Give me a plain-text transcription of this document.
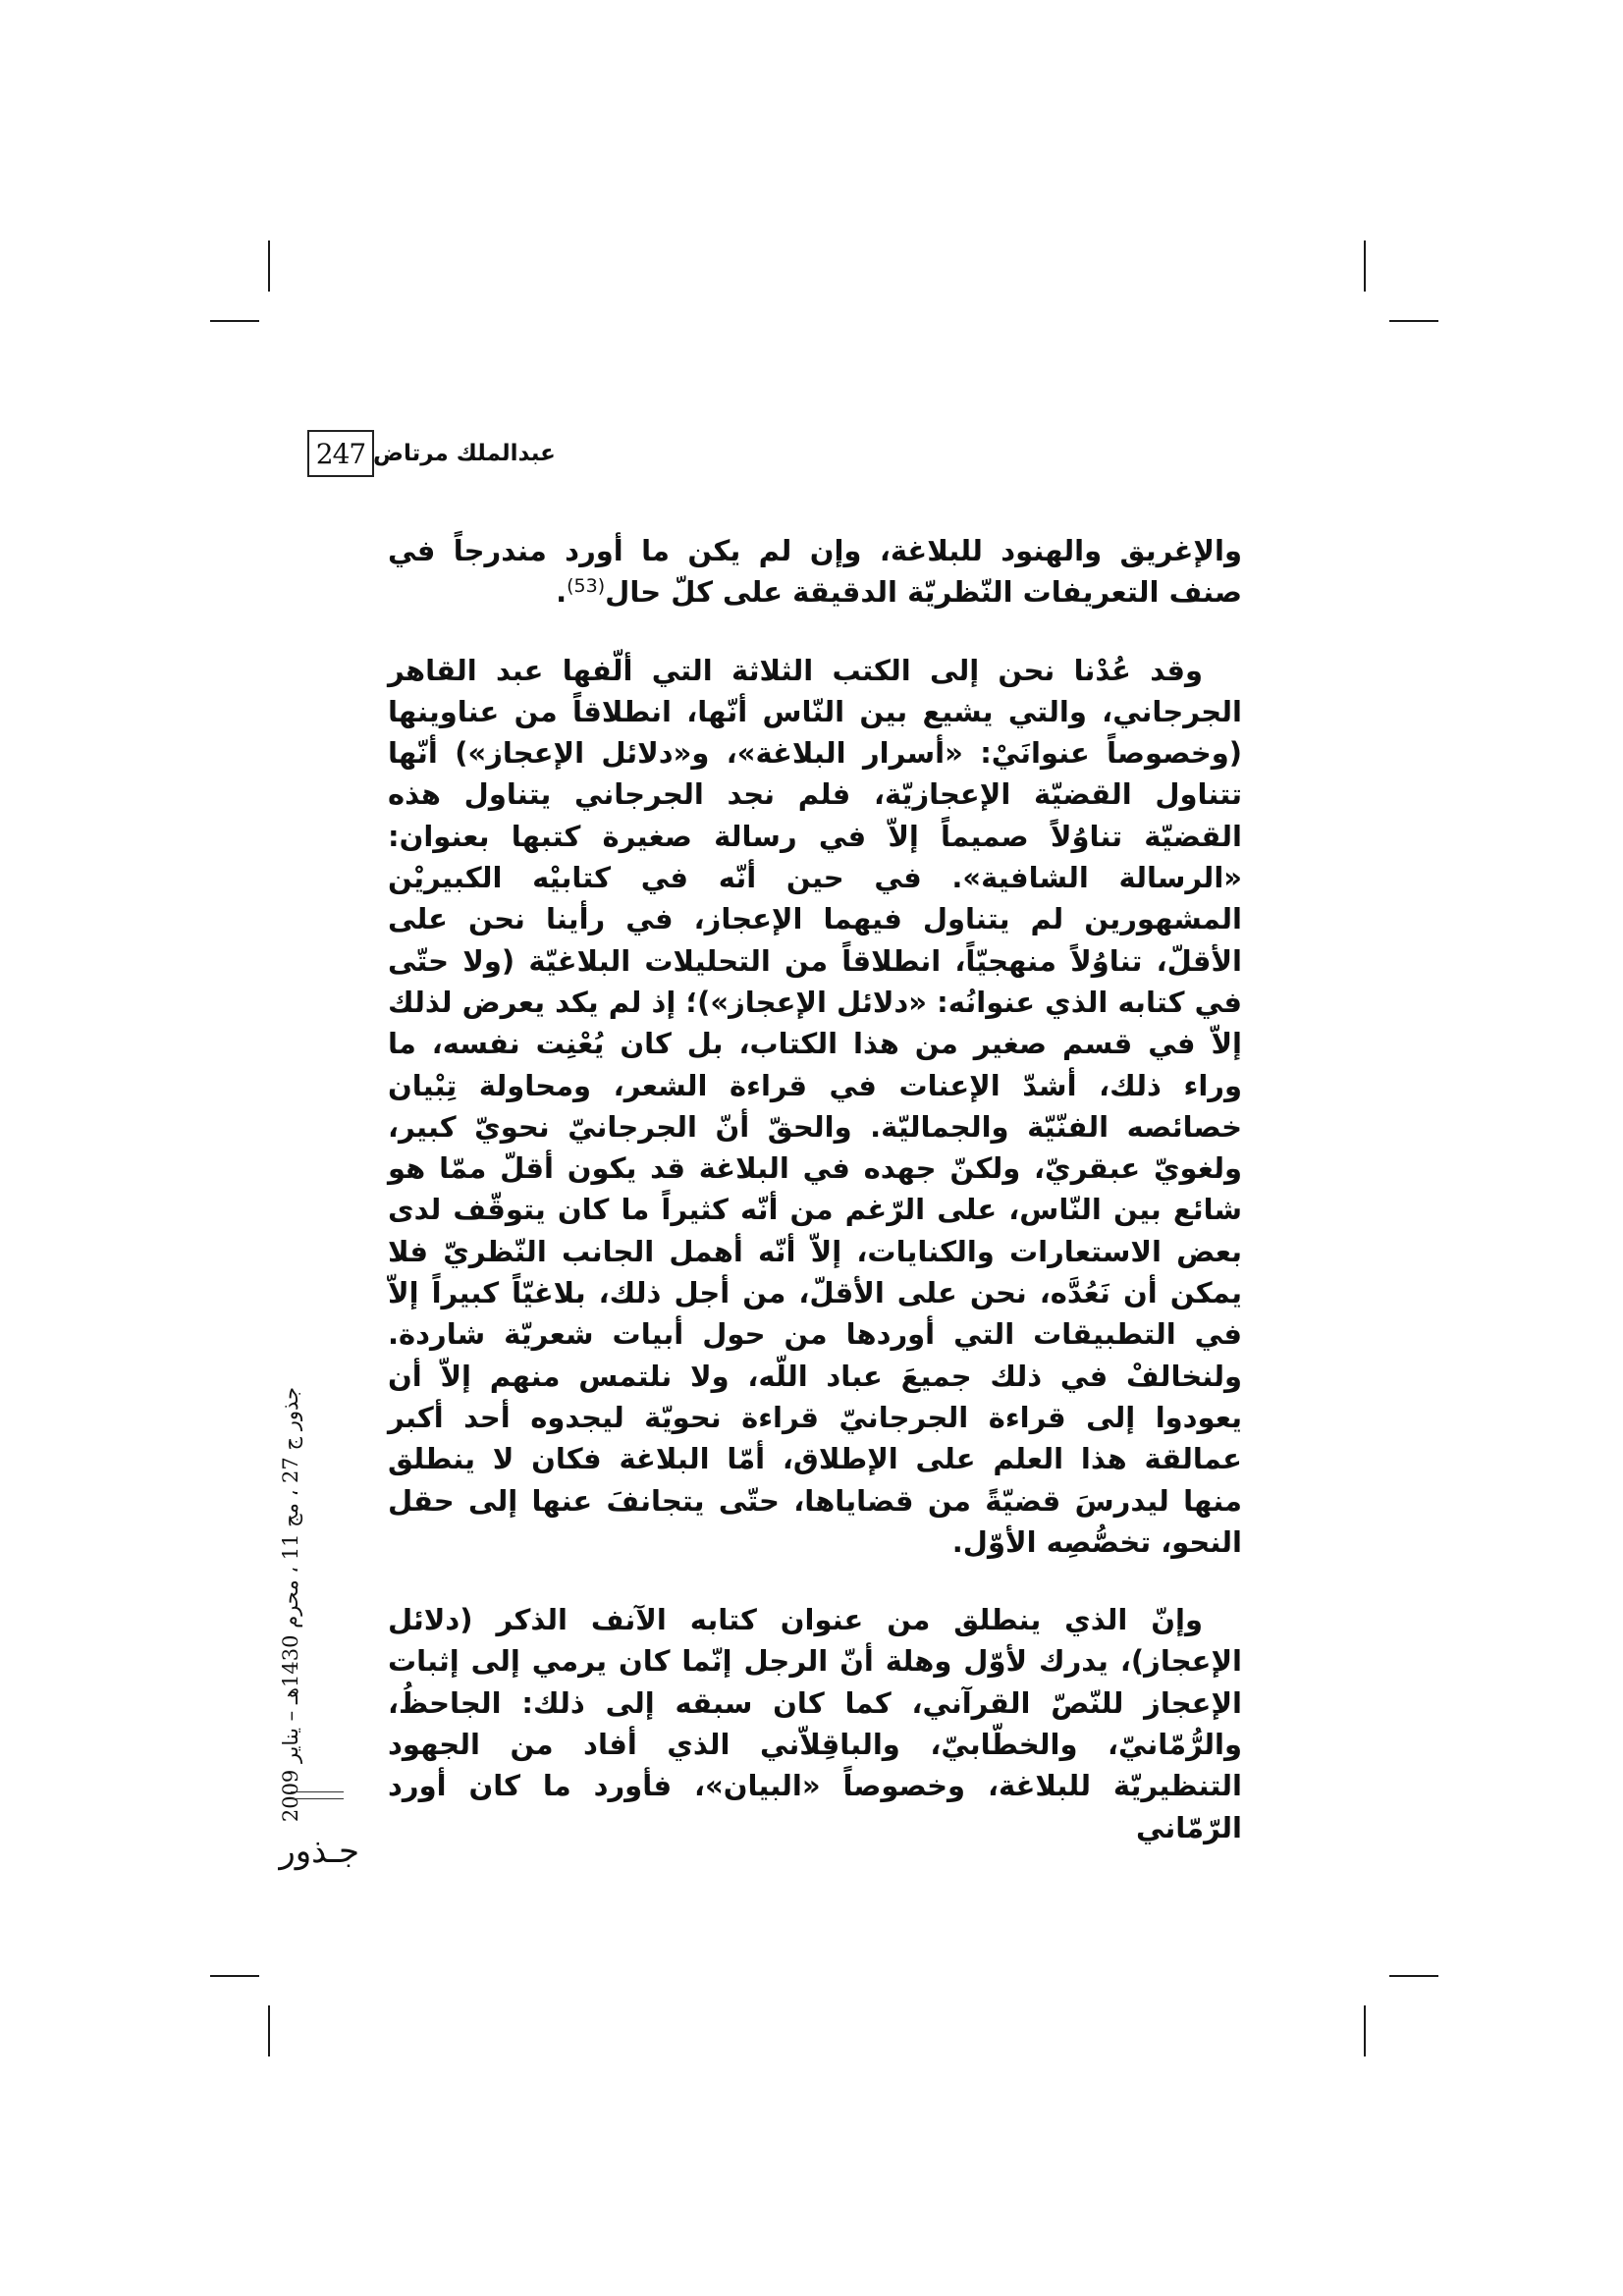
247 عبدالملك مرتاض

والإغريق والهنود للبلاغة، وإن لم يكن ما أورد مندرجاً في صنف التعريفات النّظريّة الدقيقة على كلّ حال$^{(53)}$.

وقد عُدْنا نحن إلى الكتب الثلاثة التي ألّفها عبد القاهر الجرجاني، والتي يشيع بين النّاس أنّها، انطلاقاً من عناوينها (وخصوصاً عنوانَيْ: «أسرار البلاغة»، و«دلائل الإعجاز») أنّها تتناول القضيّة الإعجازيّة، فلم نجد الجرجاني يتناول هذه القضيّة تناوُلاً صميماً إلاّ في رسالة صغيرة كتبها بعنوان: «الرسالة الشافية». في حين أنّه في كتابيْه الكبيريْن المشهورين لم يتناول فيهما الإعجاز، في رأينا نحن على الأقلّ، تناوُلاً منهجيّاً، انطلاقاً من التحليلات البلاغيّة (ولا حتّى في كتابه الذي عنوانُه: «دلائل الإعجاز»)؛ إذ لم يكد يعرض لذلك إلاّ في قسم صغير من هذا الكتاب، بل كان يُعْنِت نفسه، ما وراء ذلك، أشدّ الإعنات في قراءة الشعر، ومحاولة تِبْيان خصائصه الفنّيّة والجماليّة. والحقّ أنّ الجرجانيّ نحويّ كبير، ولغويّ عبقريّ، ولكنّ جهده في البلاغة قد يكون أقلّ ممّا هو شائع بين النّاس، على الرّغم من أنّه كثيراً ما كان يتوقّف لدى بعض الاستعارات والكنايات، إلاّ أنّه أهمل الجانب النّظريّ فلا يمكن أن نَعُدَّه، نحن على الأقلّ، من أجل ذلك، بلاغيّاً كبيراً إلاّ في التطبيقات التي أوردها من حول أبيات شعريّة شاردة. ولنخالفْ في ذلك جميعَ عباد اللّه، ولا نلتمس منهم إلاّ أن يعودوا إلى قراءة الجرجانيّ قراءة نحويّة ليجدوه أحد أكبر عمالقة هذا العلم على الإطلاق، أمّا البلاغة فكان لا ينطلق منها ليدرسَ قضيّةً من قضاياها، حتّى يتجانفَ عنها إلى حقل النحو، تخصُّصِه الأوّل.

وإنّ الذي ينطلق من عنوان كتابه الآنف الذكر (دلائل الإعجاز)، يدرك لأوّل وهلة أنّ الرجل إنّما كان يرمي إلى إثبات الإعجاز للنّصّ القرآني، كما كان سبقه إلى ذلك: الجاحظُ، والرُّمّانيّ، والخطّابيّ، والباقِلاّني الذي أفاد من الجهود التنظيريّة للبلاغة، وخصوصاً «البيان»، فأورد ما كان أورد الرّمّاني

جذور ج 27 ، مج 11 ، محرم 1430هـ – يناير 2009
جـذور
